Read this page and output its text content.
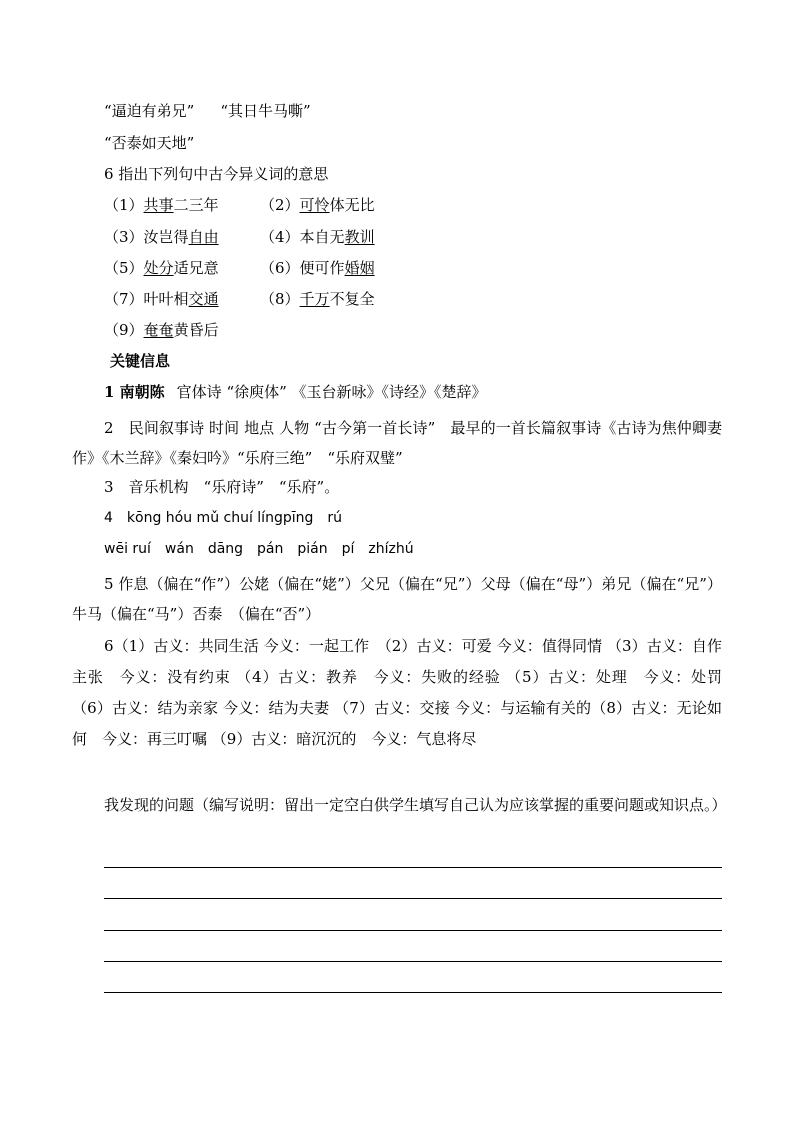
“逼迫有弟兄” “其日牛马嘶”
“否泰如天地”
6 指出下列句中古今异义词的意思
（1）共事二三年	（2）可怜体无比
（3）汝岂得自由	（4）本自无教训
（5）处分适兄意	（6）便可作婚姻
（7）叶叶相交通	（8）千万不复全
（9）奄奄黄昏后
关键信息
1 南朝陈 官体诗 “徐庾体” 《玉台新咏》《诗经》《楚辞》
2　民间叙事诗 时间 地点 人物 “古今第一首长诗”　最早的一首长篇叙事诗《古诗为焦仲卿妻作》《木兰辞》《秦妇吟》“乐府三绝”　“乐府双璧”
3　音乐机构　“乐府诗”　“乐府”。
4　kōng hóu mǔ chuí língpīng　rú
wēi ruí　wán　dāng　pán　pián　pí　zhízhú
5 作息（偏在“作”）公姥（偏在“姥”）父兄（偏在“兄”）父母（偏在“母”）弟兄（偏在“兄”）牛马（偏在“马”）否泰　（偏在“否”）
6（1）古义：共同生活 今义：一起工作　（2）古义：可爱 今义：值得同情 （3）古义：自作主张　今义：没有约束 （4）古义：教养　今义：失败的经验 （5）古义：处理　今义：处罚 （6）古义：结为亲家 今义：结为夫妻 （7）古义：交接 今义：与运输有关的（8）古义：无论如何　今义：再三叮嘱 （9）古义：暗沉沉的　今义：气息将尽
我发现的问题（编写说明：留出一定空白供学生填写自己认为应该掌握的重要问题或知识点。）
